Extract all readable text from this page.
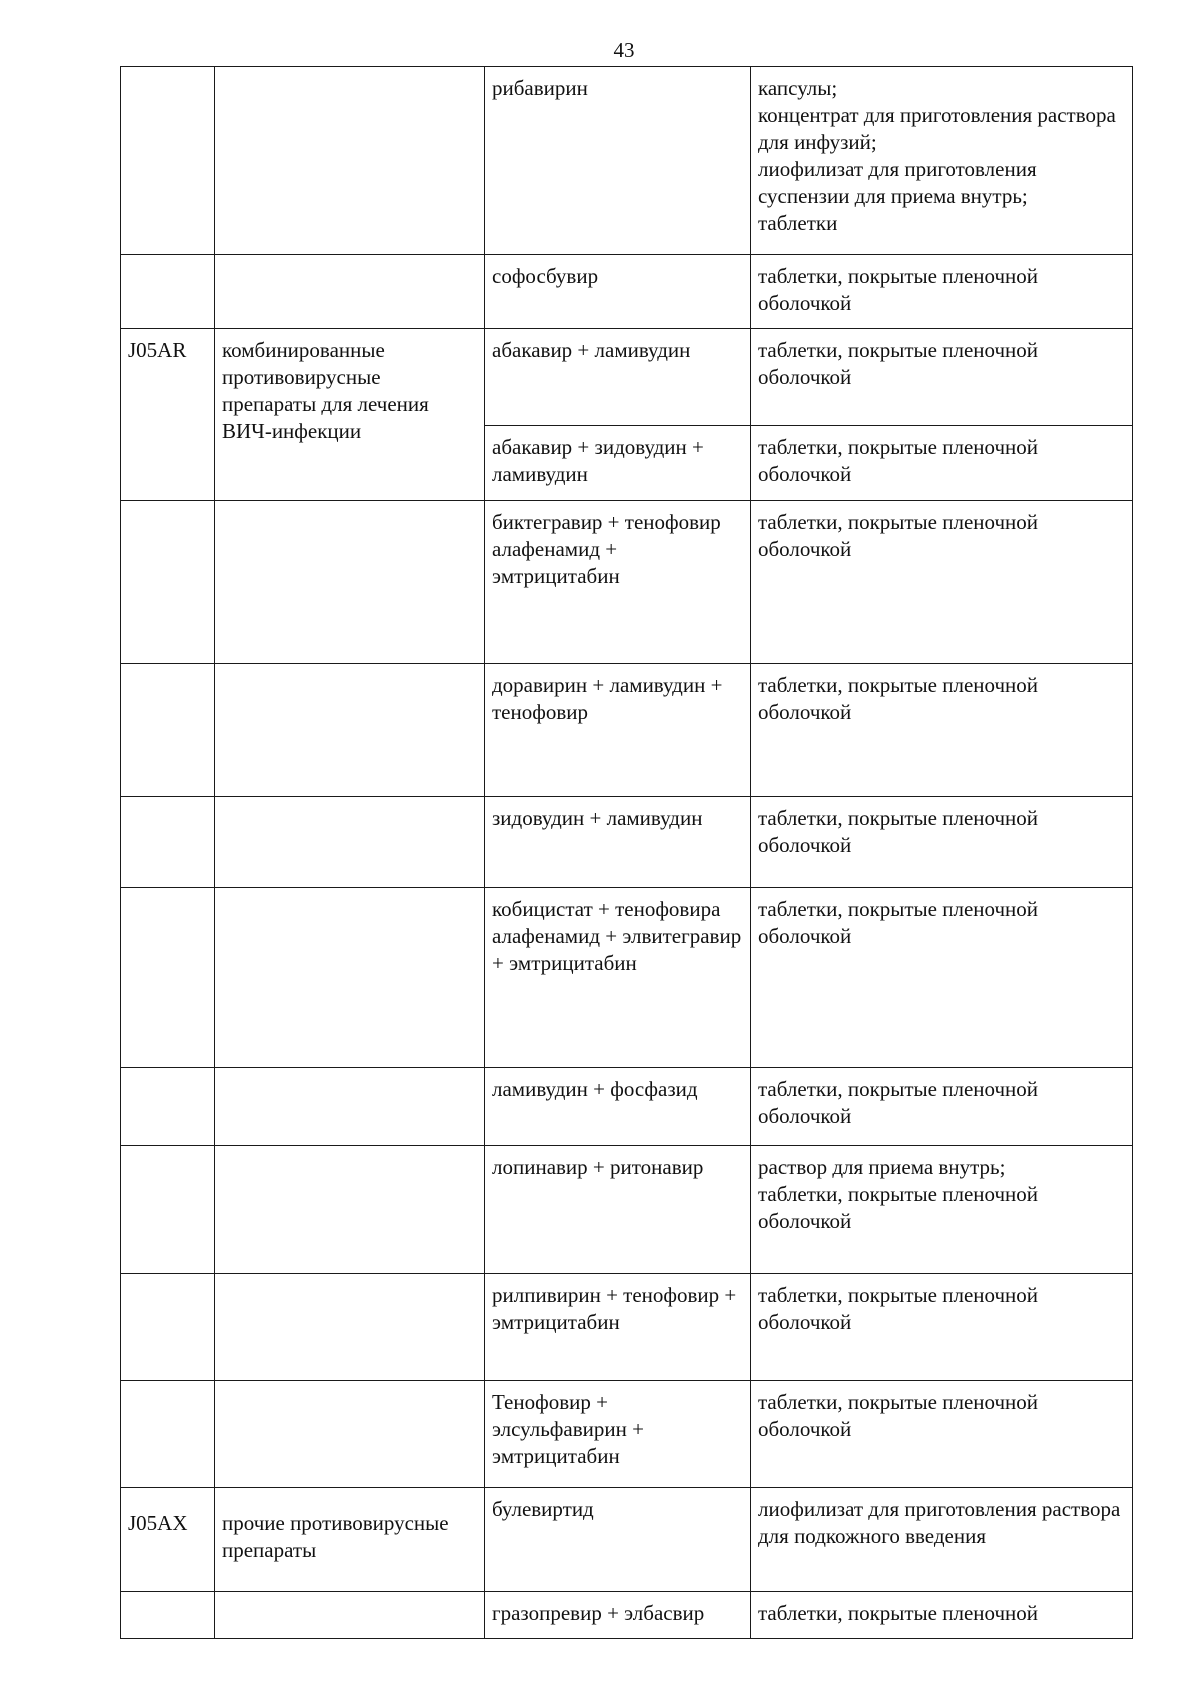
43
		рибавирин	капсулы;
концентрат для приготовления раствора для инфузий;
лиофилизат для приготовления суспензии для приема внутрь;
таблетки
		софосбувир	таблетки, покрытые пленочной оболочкой
J05AR	комбинированные противовирусные препараты для лечения ВИЧ-инфекции	абакавир + ламивудин	таблетки, покрытые пленочной оболочкой
		абакавир + зидовудин + ламивудин	таблетки, покрытые пленочной оболочкой
		биктегравир + тенофовир алафенамид + эмтрицитабин	таблетки, покрытые пленочной оболочкой
		доравирин + ламивудин + тенофовир	таблетки, покрытые пленочной оболочкой
		зидовудин + ламивудин	таблетки, покрытые пленочной оболочкой
		кобицистат + тенофовира алафенамид + элвитегравир + эмтрицитабин	таблетки, покрытые пленочной оболочкой
		ламивудин + фосфазид	таблетки, покрытые пленочной оболочкой
		лопинавир + ритонавир	раствор для приема внутрь;
таблетки, покрытые пленочной оболочкой
		рилпивирин + тенофовир + эмтрицитабин	таблетки, покрытые пленочной оболочкой
		Тенофовир + элсульфавирин + эмтрицитабин	таблетки, покрытые пленочной оболочкой
J05AX	прочие противовирусные препараты	булевиртид	лиофилизат для приготовления раствора для подкожного введения
		гразопревир + элбасвир	таблетки, покрытые пленочной
